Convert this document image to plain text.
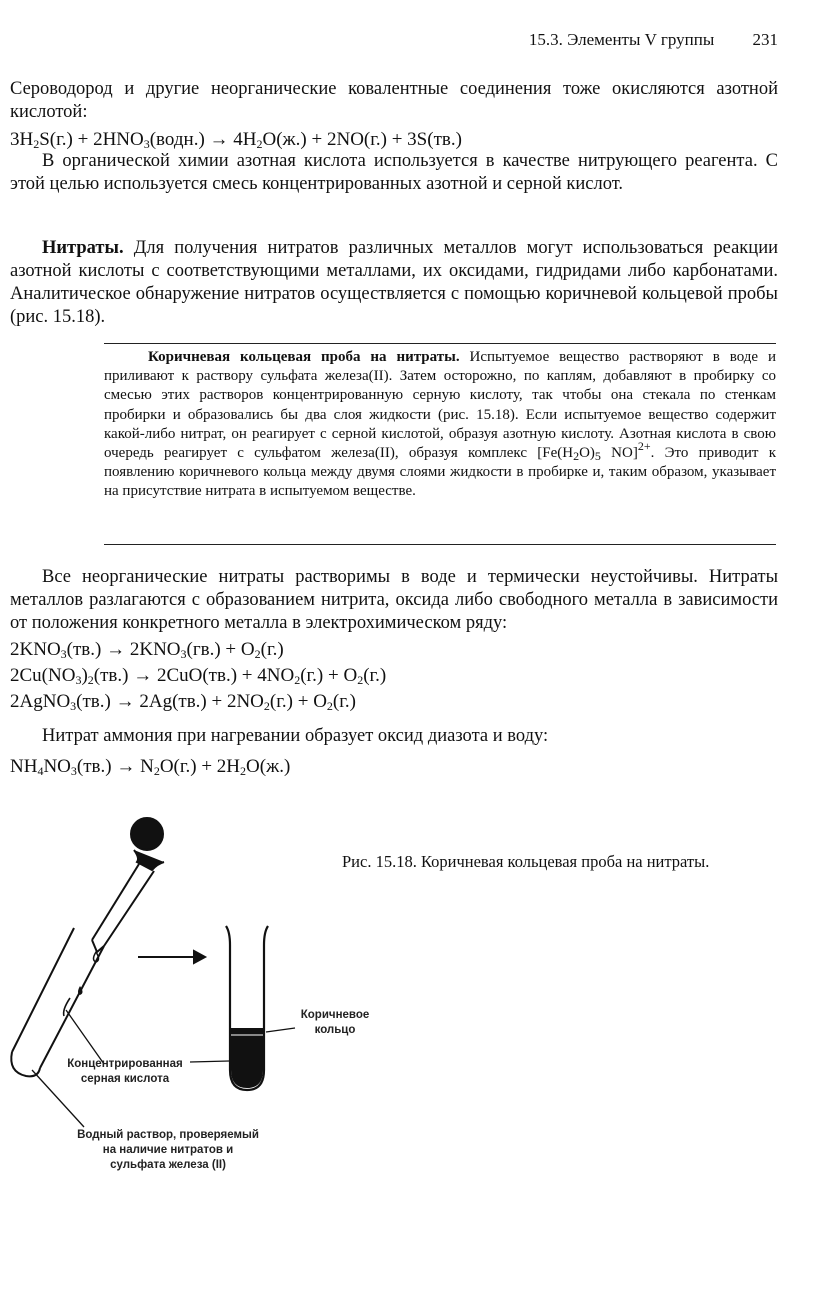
15.3. Элементы V группы 231
Сероводород и другие неорганические ковалентные соединения тоже окисляются азотной кислотой:
$3H_2S(г.)$ + $2HNO_3(водн.) \to 4H_2O(ж.) + 2NO(г.) + 3S(тв.)$
В органической химии азотная кислота используется в качестве нитрующего реагента. С этой целью используется смесь концентрированных азотной и серной кислот.
Нитраты. Для получения нитратов различных металлов могут использоваться реакции азотной кислоты с соответствующими металлами, их оксидами, гидридами либо карбонатами. Аналитическое обнаружение нитратов осуществляется с помощью коричневой кольцевой пробы (рис. 15.18).
Коричневая кольцевая проба на нитраты. Испытуемое вещество растворяют в воде и приливают к раствору сульфата железа(II). Затем осторожно, по каплям, добавляют в пробирку со смесью этих растворов концентрированную серную кислоту, так чтобы она стекала по стенкам пробирки и образовались бы два слоя жидкости (рис. 15.18). Если испытуемое вещество содержит какой-либо нитрат, он реагирует с серной кислотой, образуя азотную кислоту. Азотная кислота в свою очередь реагирует с сульфатом железа(II), образуя комплекс [$Fe(H_2O)_5$ NO]$^{2+}$. Это приводит к появлению коричневого кольца между двумя слоями жидкости в пробирке и, таким образом, указывает на присутствие нитрата в испытуемом веществе.
Все неорганические нитраты растворимы в воде и термически неустойчивы. Нитраты металлов разлагаются с образованием нитрита, оксида либо свободного металла в зависимости от положения конкретного металла в электрохимическом ряду:
$2KNO_3(тв.) \to 2KNO_3(гв.) + O_2(г.)$
$2Cu(NO_3)_2(тв.) \to 2CuO(тв.) + 4NO_2(г.) + O_2(г.)$
2AgNO$_3$(тв.) → $2Ag(тв.) + 2NO_2(г.) + O_2(г.)$
Нитрат аммония при нагревании образует оксид диазота и воду:
$NH_4NO_3(тв.) \to N_2O(г.) + 2H_2O(ж.)$
Рис. 15.18. Коричневая кольцевая проба на нитраты.
Коричневое
кольцо
Концентрированная
серная кислота
Водный раствор, проверяемый
на наличие нитратов и
сульфата железа (II)
